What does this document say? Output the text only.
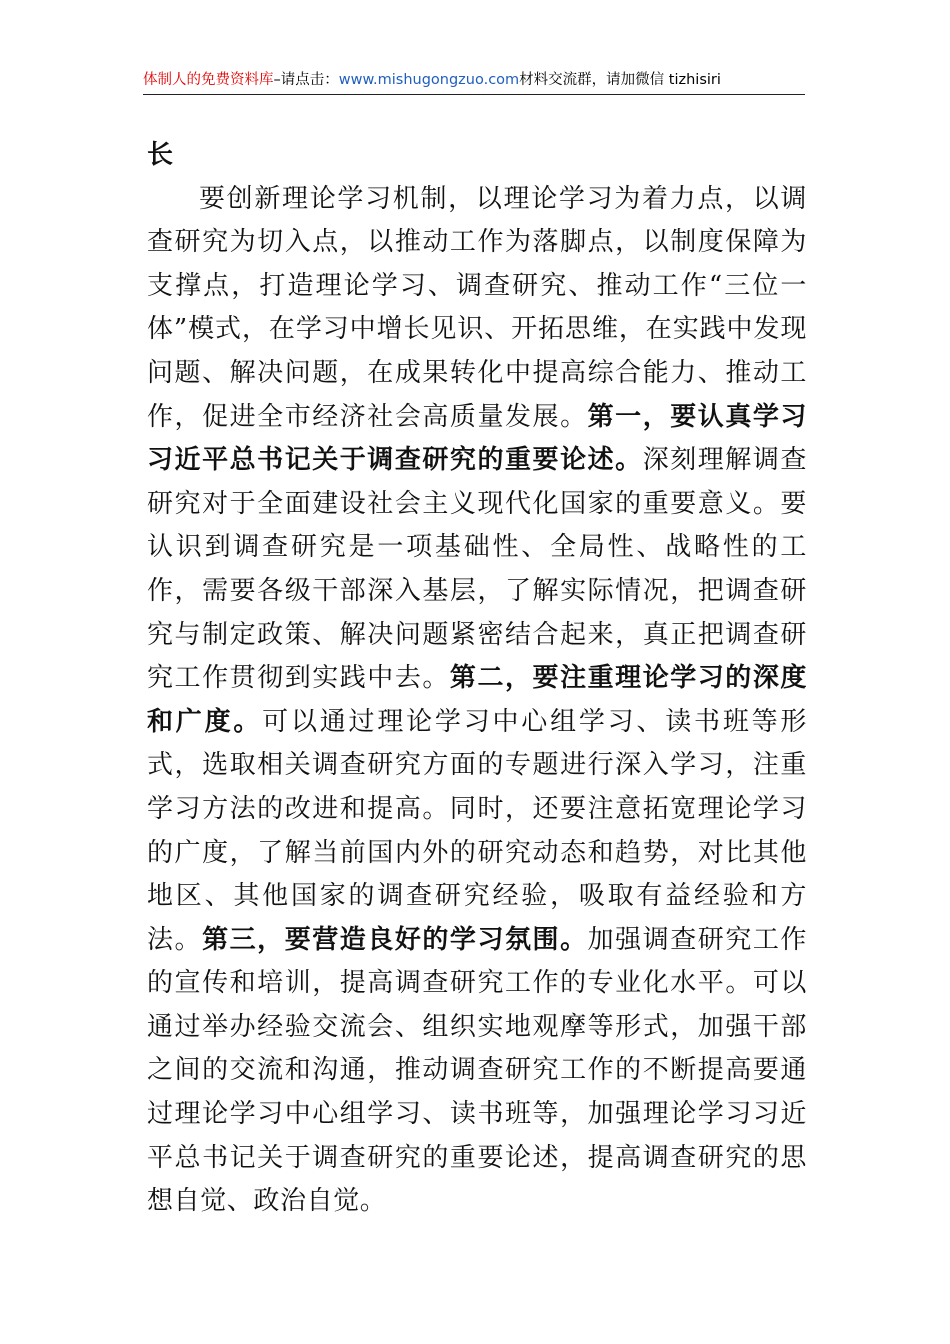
体制人的免费资料库–请点击：www.mishugongzuo.com材料交流群，请加微信 tizhisiri

长

要创新理论学习机制，以理论学习为着力点，以调查研究为切入点，以推动工作为落脚点，以制度保障为支撑点，打造理论学习、调查研究、推动工作“三位一体”模式，在学习中增长见识、开拓思维，在实践中发现问题、解决问题，在成果转化中提高综合能力、推动工作，促进全市经济社会高质量发展。第一，要认真学习习近平总书记关于调查研究的重要论述。深刻理解调查研究对于全面建设社会主义现代化国家的重要意义。要认识到调查研究是一项基础性、全局性、战略性的工作，需要各级干部深入基层，了解实际情况，把调查研究与制定政策、解决问题紧密结合起来，真正把调查研究工作贯彻到实践中去。第二，要注重理论学习的深度和广度。可以通过理论学习中心组学习、读书班等形式，选取相关调查研究方面的专题进行深入学习，注重学习方法的改进和提高。同时，还要注意拓宽理论学习的广度，了解当前国内外的研究动态和趋势，对比其他地区、其他国家的调查研究经验，吸取有益经验和方法。第三，要营造良好的学习氛围。加强调查研究工作的宣传和培训，提高调查研究工作的专业化水平。可以通过举办经验交流会、组织实地观摩等形式，加强干部之间的交流和沟通，推动调查研究工作的不断提高要通过理论学习中心组学习、读书班等，加强理论学习习近平总书记关于调查研究的重要论述，提高调查研究的思想自觉、政治自觉。
